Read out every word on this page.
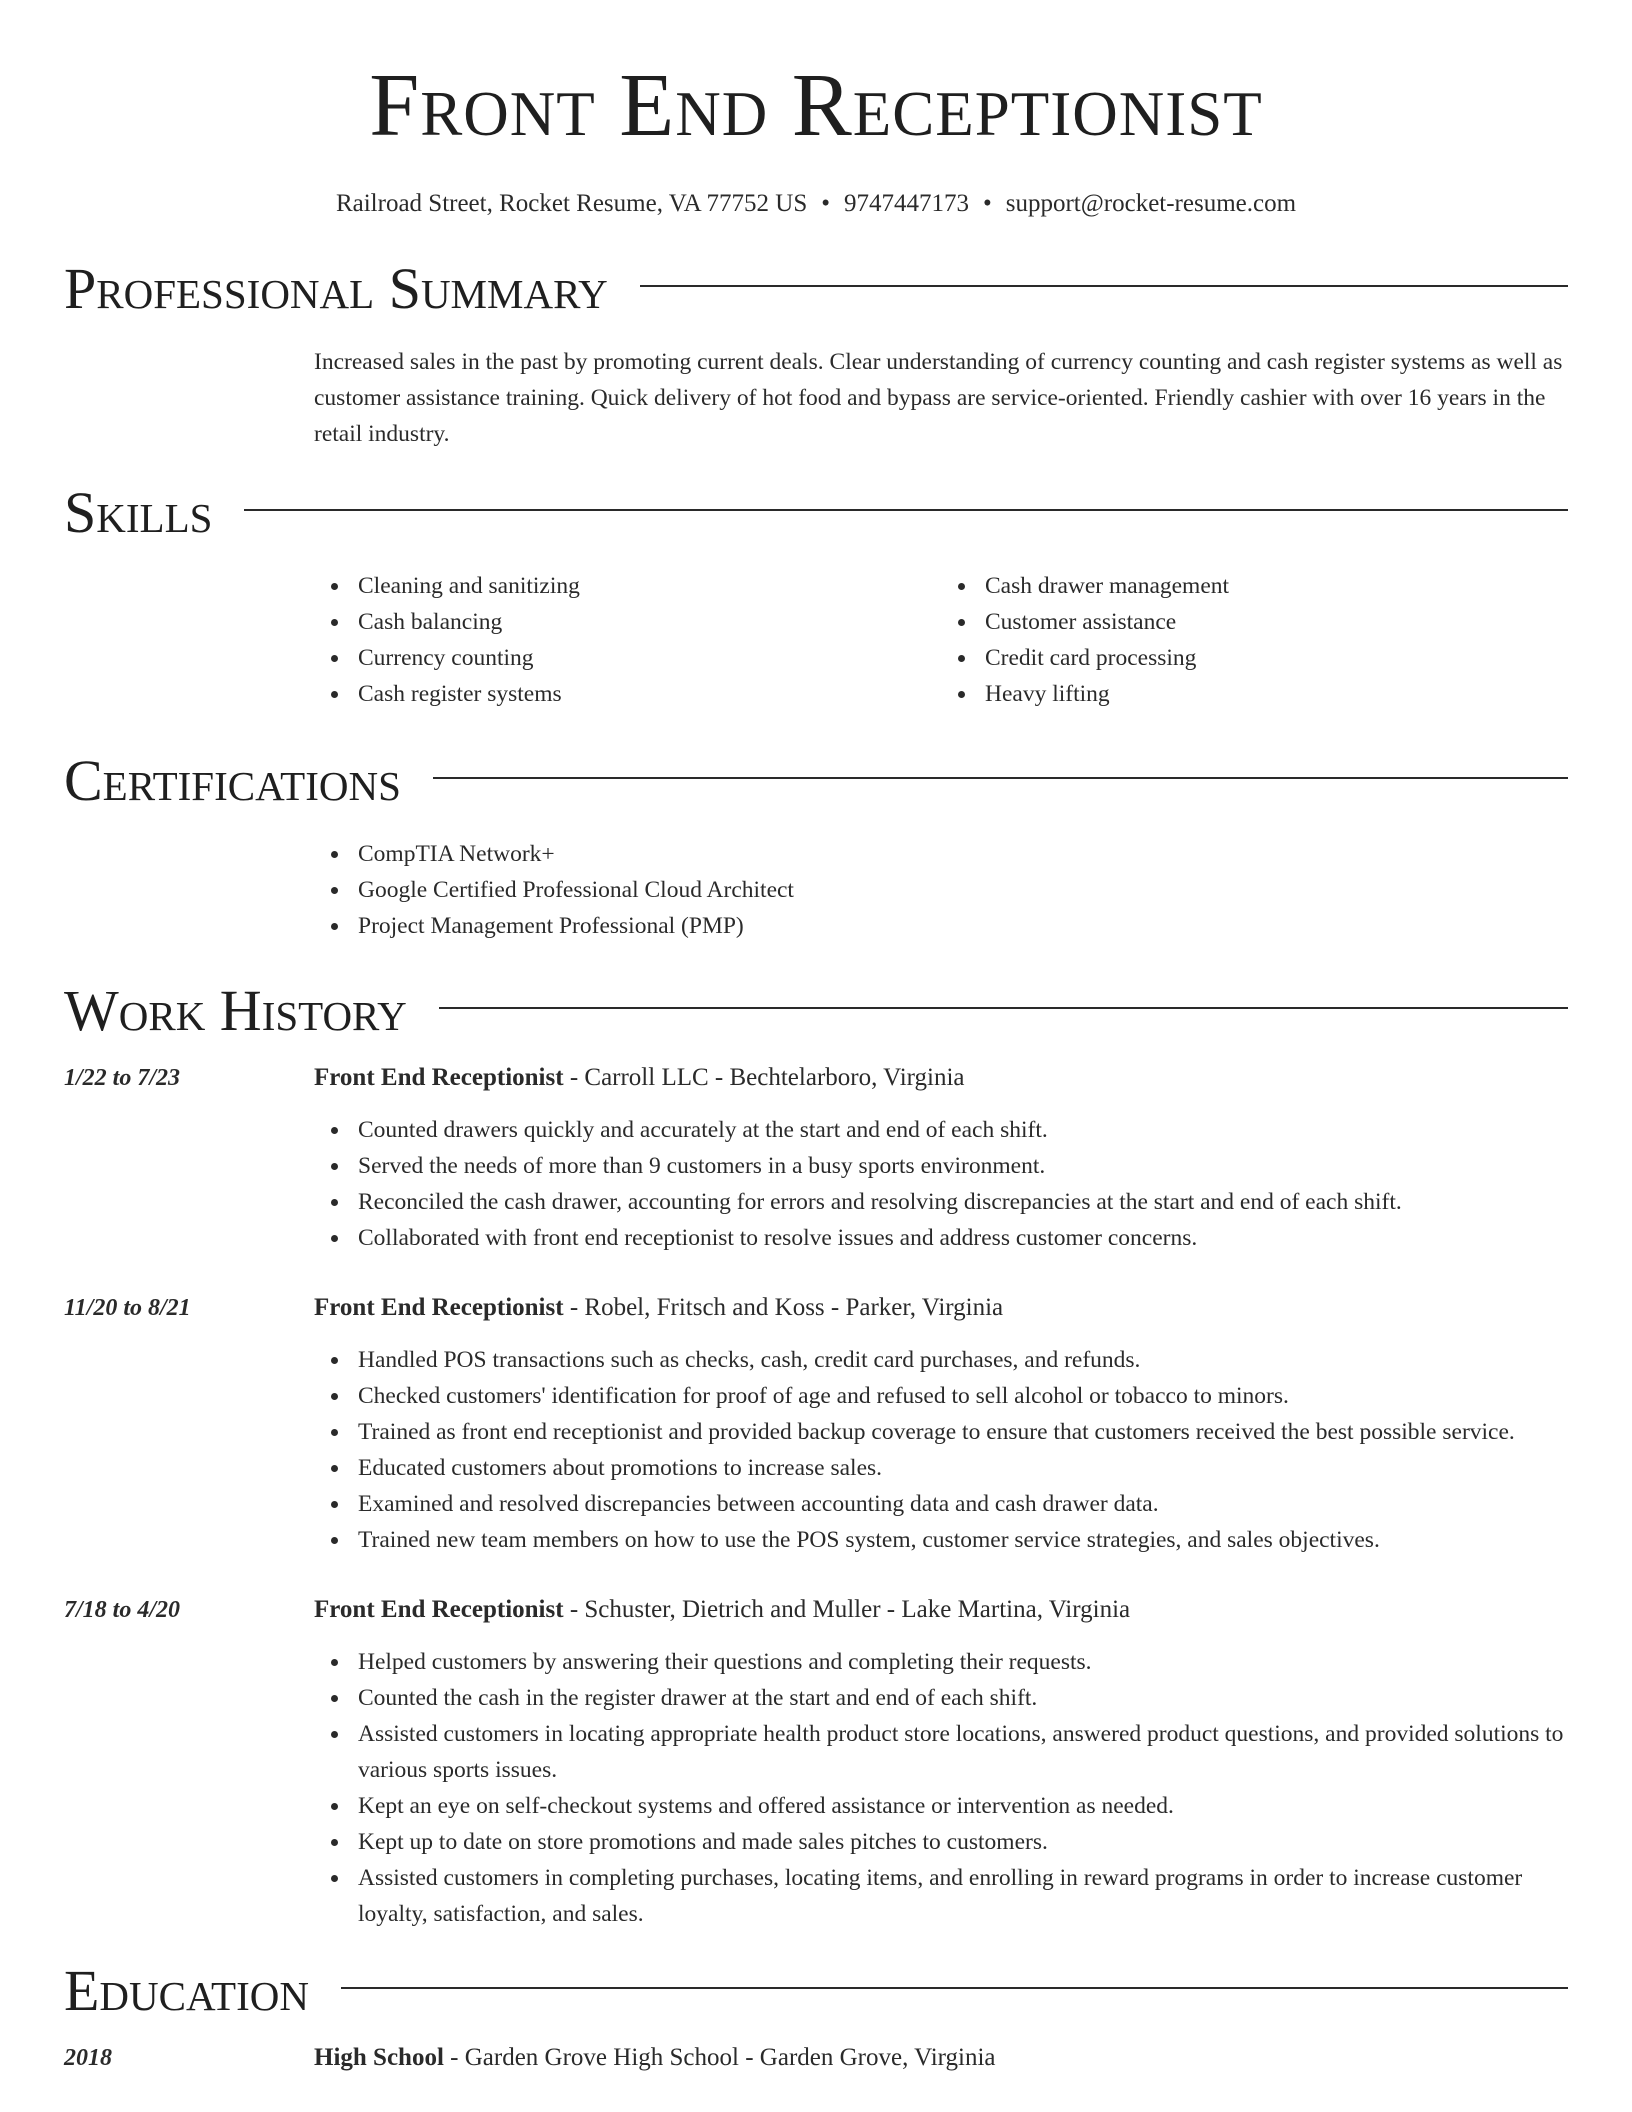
Front End Receptionist
Railroad Street, Rocket Resume, VA 77752 US • 9747447173 • support@rocket-resume.com
Professional Summary

Increased sales in the past by promoting current deals. Clear understanding of currency counting and cash register systems as well as customer assistance training. Quick delivery of hot food and bypass are service-oriented. Friendly cashier with over 16 years in the retail industry.

Skills
Cleaning and sanitizing
Cash balancing
Currency counting
Cash register systems
Cash drawer management
Customer assistance
Credit card processing
Heavy lifting
Certifications
CompTIA Network+
Google Certified Professional Cloud Architect
Project Management Professional (PMP)
Work History
1/22 to 7/23	Front End Receptionist - Carroll LLC - Bechtelarboro, Virginia
Counted drawers quickly and accurately at the start and end of each shift.
Served the needs of more than 9 customers in a busy sports environment.
Reconciled the cash drawer, accounting for errors and resolving discrepancies at the start and end of each shift.
Collaborated with front end receptionist to resolve issues and address customer concerns.
11/20 to 8/21	Front End Receptionist - Robel, Fritsch and Koss - Parker, Virginia
Handled POS transactions such as checks, cash, credit card purchases, and refunds.
Checked customers' identification for proof of age and refused to sell alcohol or tobacco to minors.
Trained as front end receptionist and provided backup coverage to ensure that customers received the best possible service.
Educated customers about promotions to increase sales.
Examined and resolved discrepancies between accounting data and cash drawer data.
Trained new team members on how to use the POS system, customer service strategies, and sales objectives.
7/18 to 4/20	Front End Receptionist - Schuster, Dietrich and Muller - Lake Martina, Virginia
Helped customers by answering their questions and completing their requests.
Counted the cash in the register drawer at the start and end of each shift.
Assisted customers in locating appropriate health product store locations, answered product questions, and provided solutions to various sports issues.
Kept an eye on self-checkout systems and offered assistance or intervention as needed.
Kept up to date on store promotions and made sales pitches to customers.
Assisted customers in completing purchases, locating items, and enrolling in reward programs in order to increase customer loyalty, satisfaction, and sales.
Education
2018	High School - Garden Grove High School - Garden Grove, Virginia
